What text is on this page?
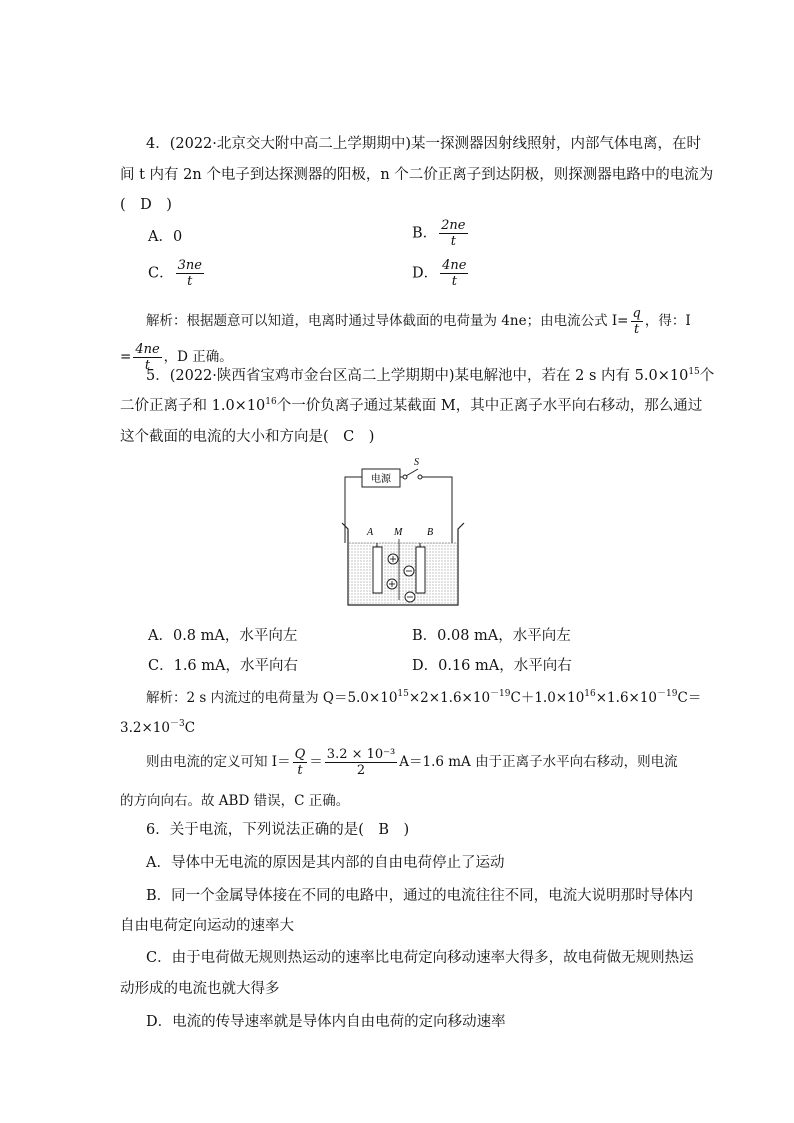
4．(2022·北京交大附中高二上学期期中)某一探测器因射线照射，内部气体电离，在时
间 t 内有 2n 个电子到达探测器的阳极，n 个二价正离子到达阴极，则探测器电路中的电流为
(　D　)
A．0	B． $\frac{2ne}{t}$
C． $\frac{3ne}{t}$	D． $\frac{4ne}{t}$
解析：根据题意可以知道，电离时通过导体截面的电荷量为 4ne；由电流公式 $I= \frac{q}{t}$ ，得：I
= $\frac{4ne}{t}$ ，D 正确。
5．(2022·陕西省宝鸡市金台区高二上学期期中)某电解池中，若在 2 s 内有 $5.0\times 10^{15}$个
二价正离子和 $1.0\times 10^{16}$个一价负离子通过某截面 M，其中正离子水平向右移动，那么通过
这个截面的电流的大小和方向是(　C　)
电源
S
A M B
A．0.8 mA，水平向左	B．0.08 mA，水平向左
C．1.6 mA，水平向右	D．0.16 mA，水平向右
解析：2 s 内流过的电荷量为 $Q=5.0\times 10^{15}\times 2\times 1.6\times 10^{-19}C+1.0\times 10^{16}\times 1.6\times 10^{-19}C=$
$3.2\times 10^{-3}C$
则由电流的定义可知 $I= \frac{Q}{t} = \frac{\text{3.2 × 10⁻³}}{2} A=1.6$ mA 由于正离子水平向右移动，则电流
的方向向右。故 ABD 错误，C 正确。
6．关于电流，下列说法正确的是(　B　)
A．导体中无电流的原因是其内部的自由电荷停止了运动
B．同一个金属导体接在不同的电路中，通过的电流往往不同，电流大说明那时导体内
自由电荷定向运动的速率大
C．由于电荷做无规则热运动的速率比电荷定向移动速率大得多，故电荷做无规则热运
动形成的电流也就大得多
D．电流的传导速率就是导体内自由电荷的定向移动速率
